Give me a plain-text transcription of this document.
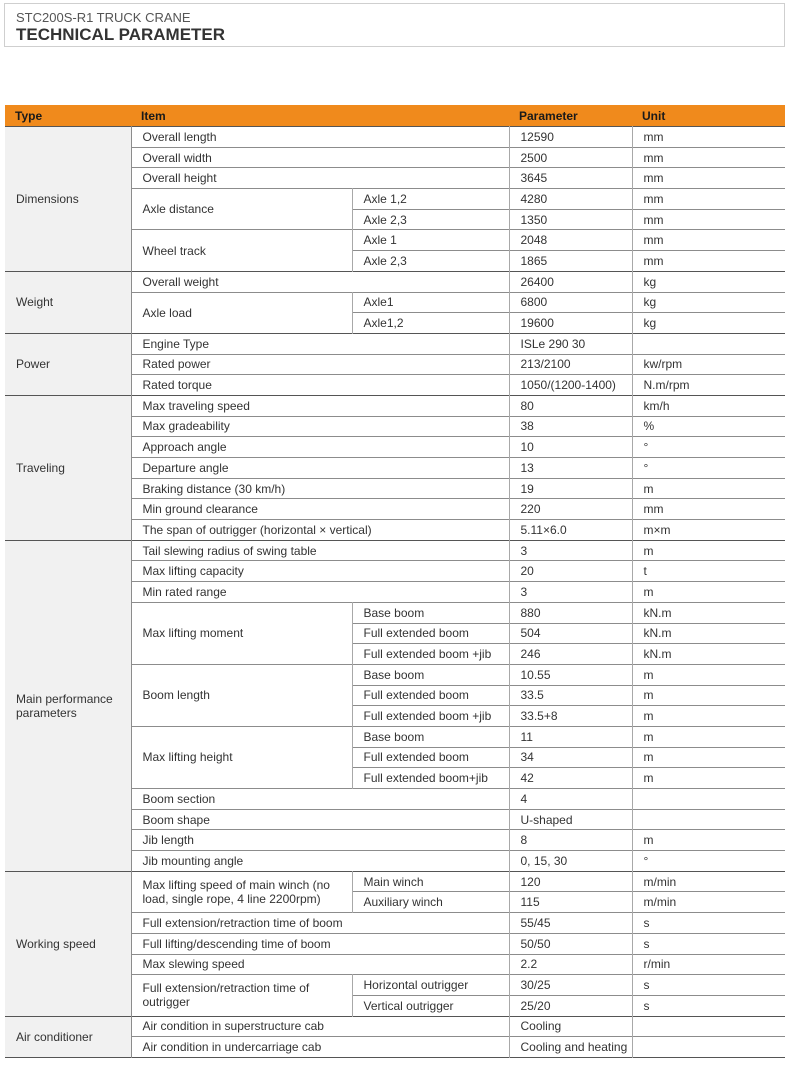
STC200S-R1 TRUCK CRANE
TECHNICAL PARAMETER
Type	Item		Parameter	Unit
Dimensions	Overall length		12590	mm
	Overall width		2500	mm
	Overall height		3645	mm
	Axle distance	Axle 1,2	4280	mm
		Axle 2,3	1350	mm
	Wheel track	Axle 1	2048	mm
		Axle 2,3	1865	mm
Weight	Overall weight		26400	kg
	Axle load	Axle1	6800	kg
		Axle1,2	19600	kg
Power	Engine Type		ISLe 290 30	
	Rated power		213/2100	kw/rpm
	Rated torque		1050/(1200-1400)	N.m/rpm
Traveling	Max traveling speed		80	km/h
	Max gradeability		38	%
	Approach angle		10	°
	Departure angle		13	°
	Braking distance (30 km/h)		19	m
	Min ground clearance		220	mm
	The span of outrigger (horizontal × vertical)		5.11×6.0	m×m
Main performance parameters	Tail slewing radius of swing table		3	m
	Max lifting capacity		20	t
	Min rated range		3	m
	Max lifting moment	Base boom	880	kN.m
		Full extended boom	504	kN.m
		Full extended boom +jib	246	kN.m
	Boom length	Base boom	10.55	m
		Full extended boom	33.5	m
		Full extended boom +jib	33.5+8	m
	Max lifting height	Base boom	11	m
		Full extended boom	34	m
		Full extended boom+jib	42	m
	Boom section		4	
	Boom shape		U-shaped	
	Jib length		8	m
	Jib mounting angle		0, 15, 30	°
Working speed	Max lifting speed of main winch (no load, single rope, 4 line 2200rpm)	Main winch	120	m/min
		Auxiliary winch	115	m/min
	Full extension/retraction time of boom		55/45	s
	Full lifting/descending time of boom		50/50	s
	Max slewing speed		2.2	r/min
	Full extension/retraction time of outrigger	Horizontal outrigger	30/25	s
		Vertical outrigger	25/20	s
Air conditioner	Air condition in superstructure cab		Cooling	
	Air condition in undercarriage cab		Cooling and heating	
